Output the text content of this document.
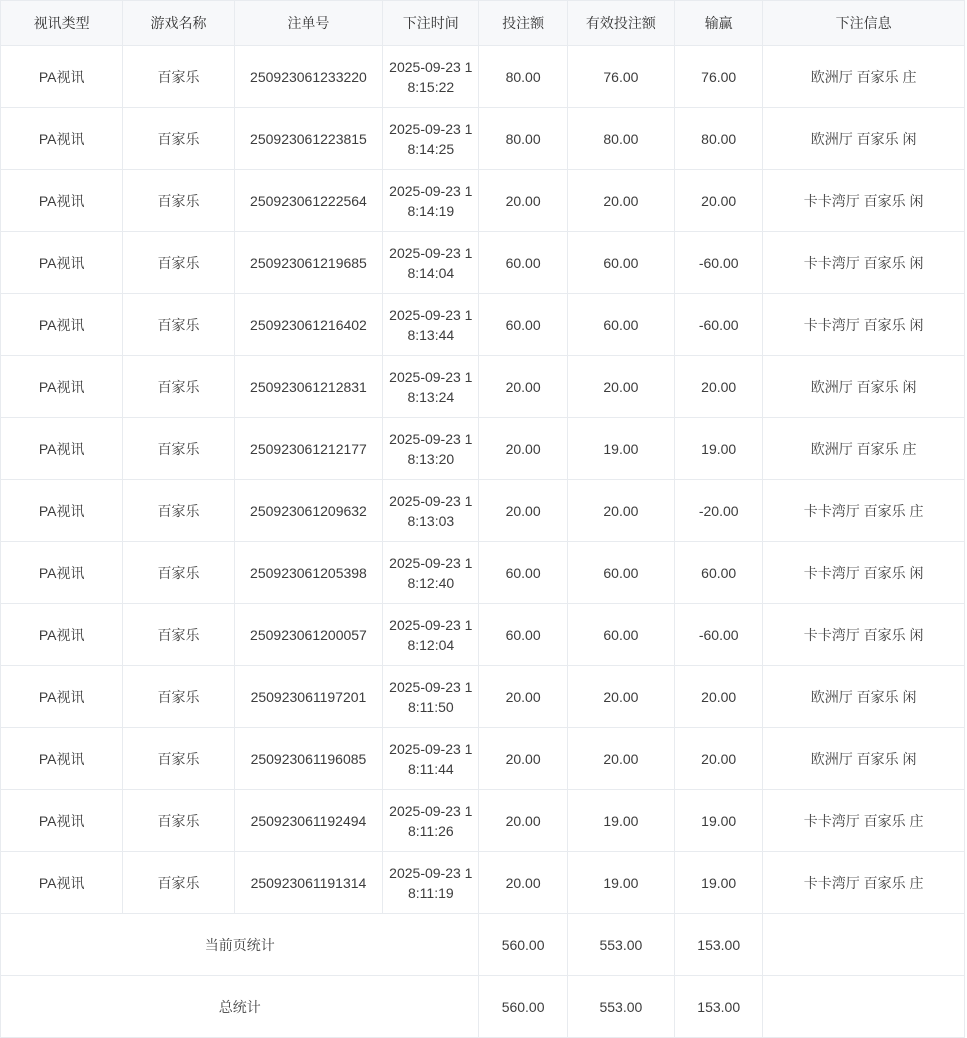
视讯类型	游戏名称	注单号	下注时间	投注额	有效投注额	输赢	下注信息
PA视讯	百家乐	250923061233220	2025-09-23 18:15:22	80.00	76.00	76.00	欧洲厅 百家乐 庄
PA视讯	百家乐	250923061223815	2025-09-23 18:14:25	80.00	80.00	80.00	欧洲厅 百家乐 闲
PA视讯	百家乐	250923061222564	2025-09-23 18:14:19	20.00	20.00	20.00	卡卡湾厅 百家乐 闲
PA视讯	百家乐	250923061219685	2025-09-23 18:14:04	60.00	60.00	-60.00	卡卡湾厅 百家乐 闲
PA视讯	百家乐	250923061216402	2025-09-23 18:13:44	60.00	60.00	-60.00	卡卡湾厅 百家乐 闲
PA视讯	百家乐	250923061212831	2025-09-23 18:13:24	20.00	20.00	20.00	欧洲厅 百家乐 闲
PA视讯	百家乐	250923061212177	2025-09-23 18:13:20	20.00	19.00	19.00	欧洲厅 百家乐 庄
PA视讯	百家乐	250923061209632	2025-09-23 18:13:03	20.00	20.00	-20.00	卡卡湾厅 百家乐 庄
PA视讯	百家乐	250923061205398	2025-09-23 18:12:40	60.00	60.00	60.00	卡卡湾厅 百家乐 闲
PA视讯	百家乐	250923061200057	2025-09-23 18:12:04	60.00	60.00	-60.00	卡卡湾厅 百家乐 闲
PA视讯	百家乐	250923061197201	2025-09-23 18:11:50	20.00	20.00	20.00	欧洲厅 百家乐 闲
PA视讯	百家乐	250923061196085	2025-09-23 18:11:44	20.00	20.00	20.00	欧洲厅 百家乐 闲
PA视讯	百家乐	250923061192494	2025-09-23 18:11:26	20.00	19.00	19.00	卡卡湾厅 百家乐 庄
PA视讯	百家乐	250923061191314	2025-09-23 18:11:19	20.00	19.00	19.00	卡卡湾厅 百家乐 庄
当前页统计				560.00	553.00	153.00	
总统计				560.00	553.00	153.00	
